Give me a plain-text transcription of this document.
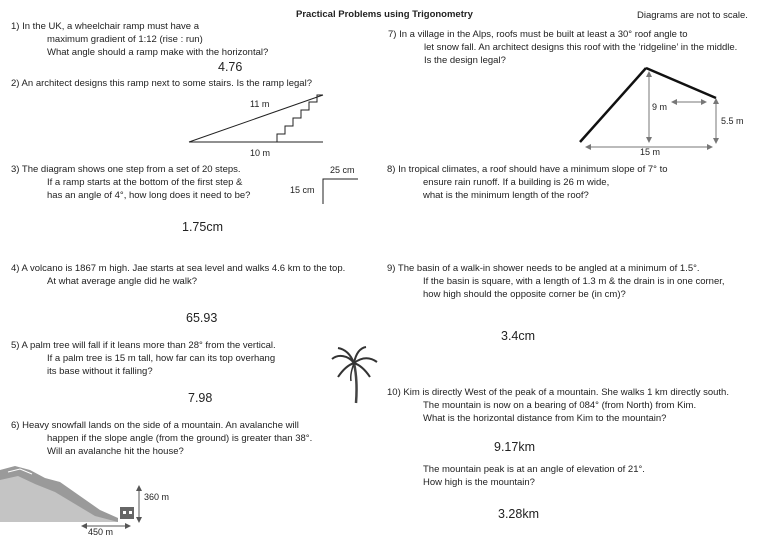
Practical Problems using Trigonometry	Diagrams are not to scale.
1) In the UK, a wheelchair ramp must have a
maximum gradient of 1:12 (rise : run)
What angle should a ramp make with the horizontal?
4.76
2) An architect designs this ramp next to some stairs. Is the ramp legal?
11 m
10 m
3) The diagram shows one step from a set of 20 steps.
If a ramp starts at the bottom of the first step &
has an angle of 4°, how long does it need to be?
25 cm
15 cm
1.75cm
4) A volcano is 1867 m high. Jae starts at sea level and walks 4.6 km to the top.
At what average angle did he walk?
65.93
5) A palm tree will fall if it leans more than 28° from the vertical.
If a palm tree is 15 m tall, how far can its top overhang
its base without it falling?
7.98
6) Heavy snowfall lands on the side of a mountain. An avalanche will
happen if the slope angle (from the ground) is greater than 38°.
Will an avalanche hit the house?
360 m
450 m
7) In a village in the Alps, roofs must be built at least a 30° roof angle to
let snow fall. An architect designs this roof with the ‘ridgeline’ in the middle.
Is the design legal?
9 m
5.5 m
15 m
8) In tropical climates, a roof should have a minimum slope of 7° to
ensure rain runoff. If a building is 26 m wide,
what is the minimum length of the roof?
9) The basin of a walk-in shower needs to be angled at a minimum of 1.5°.
If the basin is square, with a length of 1.3 m & the drain is in one corner,
how high should the opposite corner be (in cm)?
3.4cm
10) Kim is directly West of the peak of a mountain. She walks 1 km directly south.
The mountain is now on a bearing of 084° (from North) from Kim.
What is the horizontal distance from Kim to the mountain?
9.17km
The mountain peak is at an angle of elevation of 21°.
How high is the mountain?
3.28km
